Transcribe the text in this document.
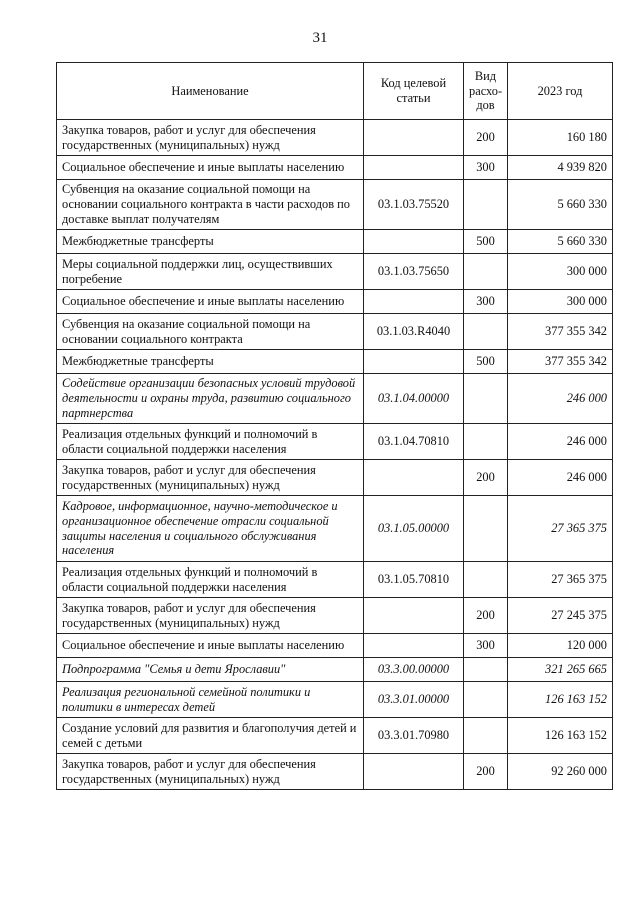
31
Наименование	Код целевой статьи	Вид расхо-дов	2023 год
Закупка товаров, работ и услуг для обеспечения государственных (муниципальных) нужд		200	160 180
Социальное обеспечение и иные выплаты населению		300	4 939 820
Субвенция на оказание социальной помощи на основании социального контракта в части расходов по доставке выплат получателям	03.1.03.75520		5 660 330
Межбюджетные трансферты		500	5 660 330
Меры социальной поддержки лиц, осуществивших погребение	03.1.03.75650		300 000
Социальное обеспечение и иные выплаты населению		300	300 000
Субвенция на оказание социальной помощи на основании социального контракта	03.1.03.R4040		377 355 342
Межбюджетные трансферты		500	377 355 342
Содействие организации безопасных условий трудовой деятельности и охраны труда, развитию социального партнерства	03.1.04.00000		246 000
Реализация отдельных функций и полномочий в области социальной поддержки населения	03.1.04.70810		246 000
Закупка товаров, работ и услуг для обеспечения государственных (муниципальных) нужд		200	246 000
Кадровое, информационное, научно-методическое и организационное обеспечение отрасли социальной защиты населения и социального обслуживания населения	03.1.05.00000		27 365 375
Реализация отдельных функций и полномочий в области социальной поддержки населения	03.1.05.70810		27 365 375
Закупка товаров, работ и услуг для обеспечения государственных (муниципальных) нужд		200	27 245 375
Социальное обеспечение и иные выплаты населению		300	120 000
Подпрограмма "Семья и дети Ярославии"	03.3.00.00000		321 265 665
Реализация региональной семейной политики и политики в интересах детей	03.3.01.00000		126 163 152
Создание условий для развития и благополучия детей и семей с детьми	03.3.01.70980		126 163 152
Закупка товаров, работ и услуг для обеспечения государственных (муниципальных) нужд		200	92 260 000
